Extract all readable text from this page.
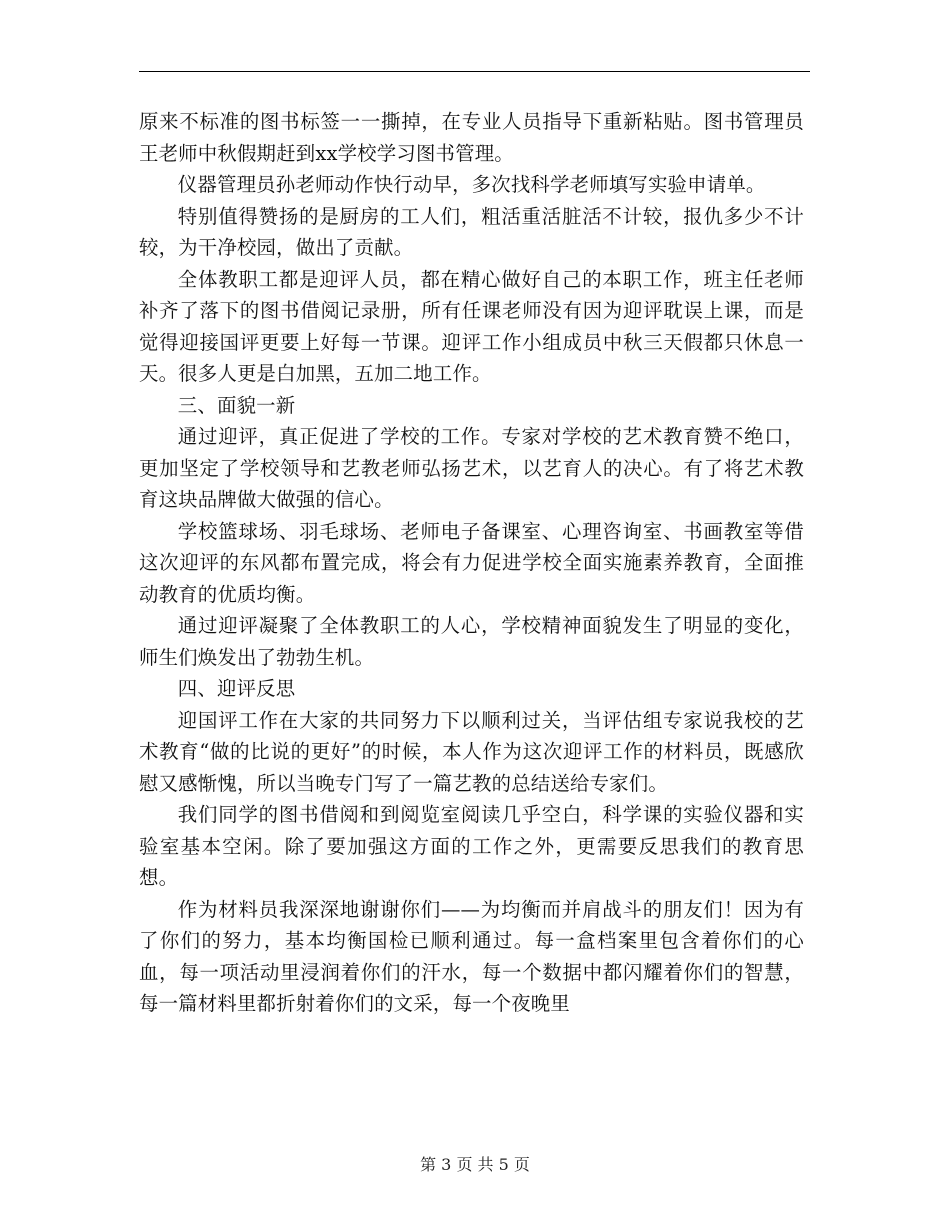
原来不标准的图书标签一一撕掉，在专业人员指导下重新粘贴。图书管理员王老师中秋假期赶到xx学校学习图书管理。

仪器管理员孙老师动作快行动早，多次找科学老师填写实验申请单。

特别值得赞扬的是厨房的工人们，粗活重活脏活不计较，报仇多少不计较，为干净校园，做出了贡献。

全体教职工都是迎评人员，都在精心做好自己的本职工作，班主任老师补齐了落下的图书借阅记录册，所有任课老师没有因为迎评耽误上课，而是觉得迎接国评更要上好每一节课。迎评工作小组成员中秋三天假都只休息一天。很多人更是白加黑，五加二地工作。

三、面貌一新

通过迎评，真正促进了学校的工作。专家对学校的艺术教育赞不绝口，更加坚定了学校领导和艺教老师弘扬艺术，以艺育人的决心。有了将艺术教育这块品牌做大做强的信心。

学校篮球场、羽毛球场、老师电子备课室、心理咨询室、书画教室等借这次迎评的东风都布置完成，将会有力促进学校全面实施素养教育，全面推动教育的优质均衡。

通过迎评凝聚了全体教职工的人心，学校精神面貌发生了明显的变化，师生们焕发出了勃勃生机。

四、迎评反思

迎国评工作在大家的共同努力下以顺利过关，当评估组专家说我校的艺术教育“做的比说的更好”的时候，本人作为这次迎评工作的材料员，既感欣慰又感惭愧，所以当晚专门写了一篇艺教的总结送给专家们。

我们同学的图书借阅和到阅览室阅读几乎空白，科学课的实验仪器和实验室基本空闲。除了要加强这方面的工作之外，更需要反思我们的教育思想。

作为材料员我深深地谢谢你们——为均衡而并肩战斗的朋友们！因为有了你们的努力，基本均衡国检已顺利通过。每一盒档案里包含着你们的心血，每一项活动里浸润着你们的汗水，每一个数据中都闪耀着你们的智慧，每一篇材料里都折射着你们的文采，每一个夜晚里

第 3 页 共 5 页
